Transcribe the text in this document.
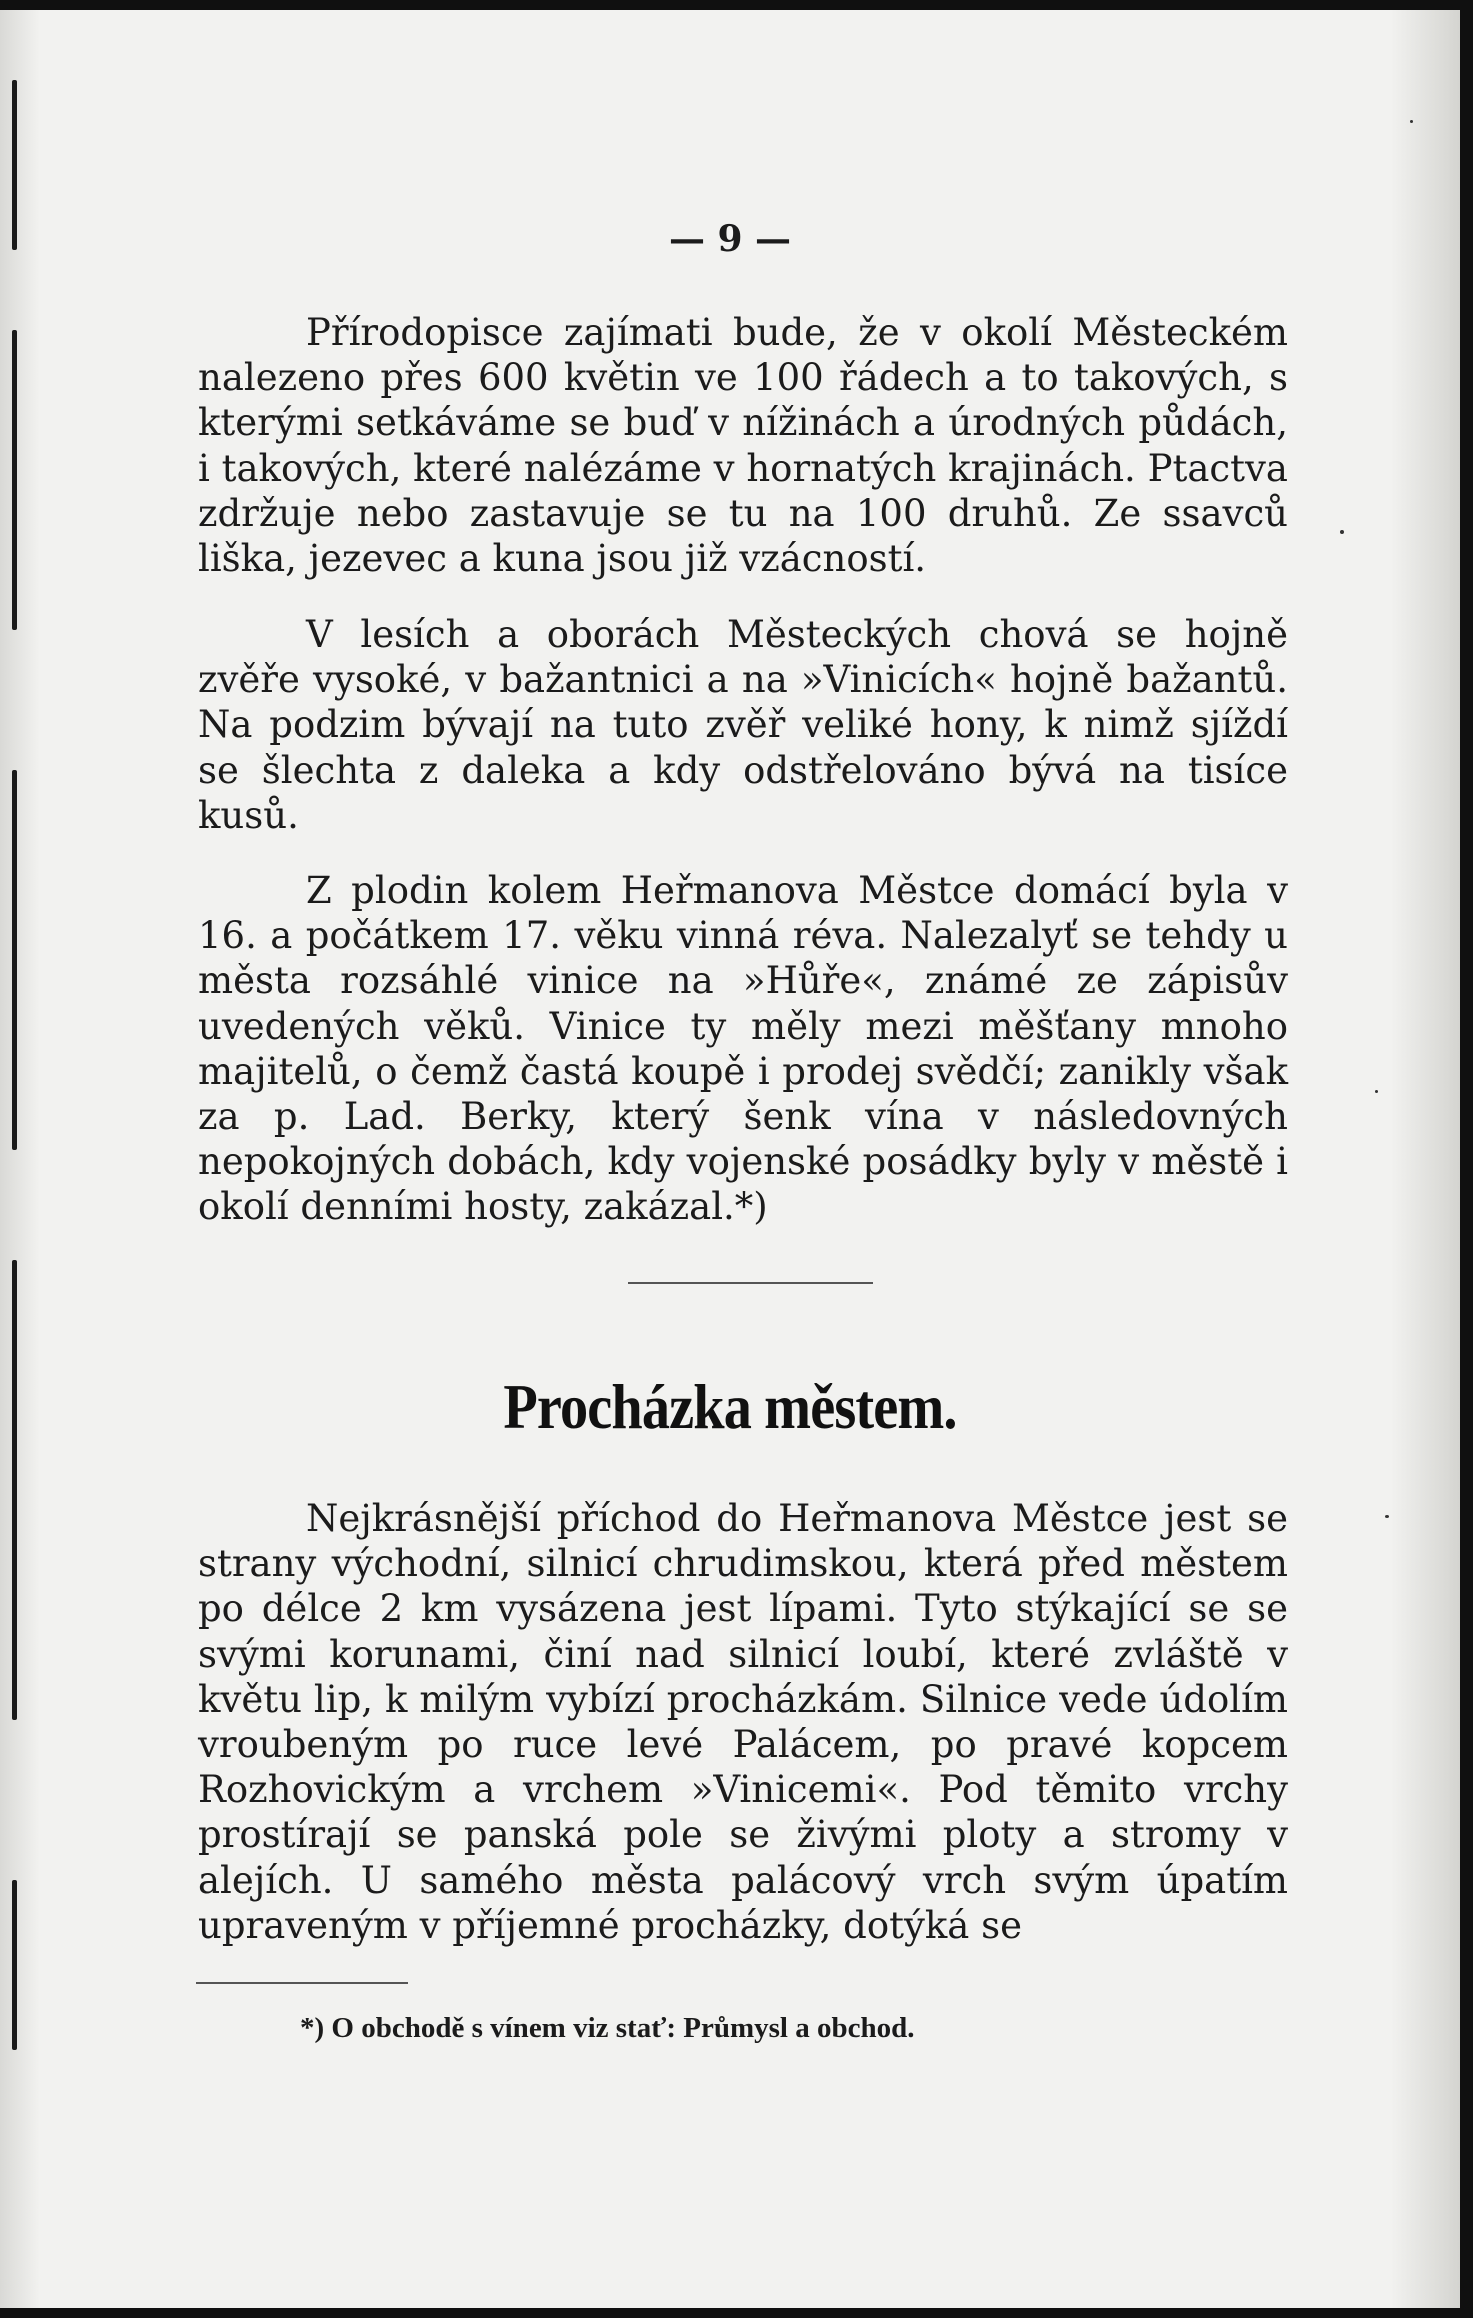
— 9 —

Přírodopisce zajímati bude, že v okolí Městeckém nalezeno přes 600 květin ve 100 řádech a to takových, s kterými setkáváme se buď v nížinách a úrodných půdách, i takových, které nalézáme v hornatých krajinách. Ptactva zdržuje nebo zastavuje se tu na 100 druhů. Ze ssavců liška, jezevec a kuna jsou již vzácností.

V lesích a oborách Městeckých chová se hojně zvěře vysoké, v bažantnici a na »Vinicích« hojně bažantů. Na podzim bývají na tuto zvěř veliké hony, k nimž sjíždí se šlechta z daleka a kdy odstřelováno bývá na tisíce kusů.

Z plodin kolem Heřmanova Městce domácí byla v 16. a počátkem 17. věku vinná réva. Nalezalyť se tehdy u města rozsáhlé vinice na »Hůře«, známé ze zápisův uvedených věků. Vinice ty měly mezi měšťany mnoho majitelů, o čemž častá koupě i prodej svědčí; zanikly však za p. Lad. Berky, který šenk vína v následovných nepokojných dobách, kdy vojenské posádky byly v městě i okolí denními hosty, zakázal.*)

Procházka městem.

Nejkrásnější příchod do Heřmanova Městce jest se strany východní, silnicí chrudimskou, která před městem po délce 2 km vysázena jest lípami. Tyto stýkající se se svými korunami, činí nad silnicí loubí, které zvláště v květu lip, k milým vybízí procházkám. Silnice vede údolím vroubeným po ruce levé Palácem, po pravé kopcem Rozhovickým a vrchem »Vinicemi«. Pod těmito vrchy prostírají se panská pole se živými ploty a stromy v alejích. U samého města palácový vrch svým úpatím upraveným v příjemné procházky, dotýká se

*) O obchodě s vínem viz stať: Průmysl a obchod.
